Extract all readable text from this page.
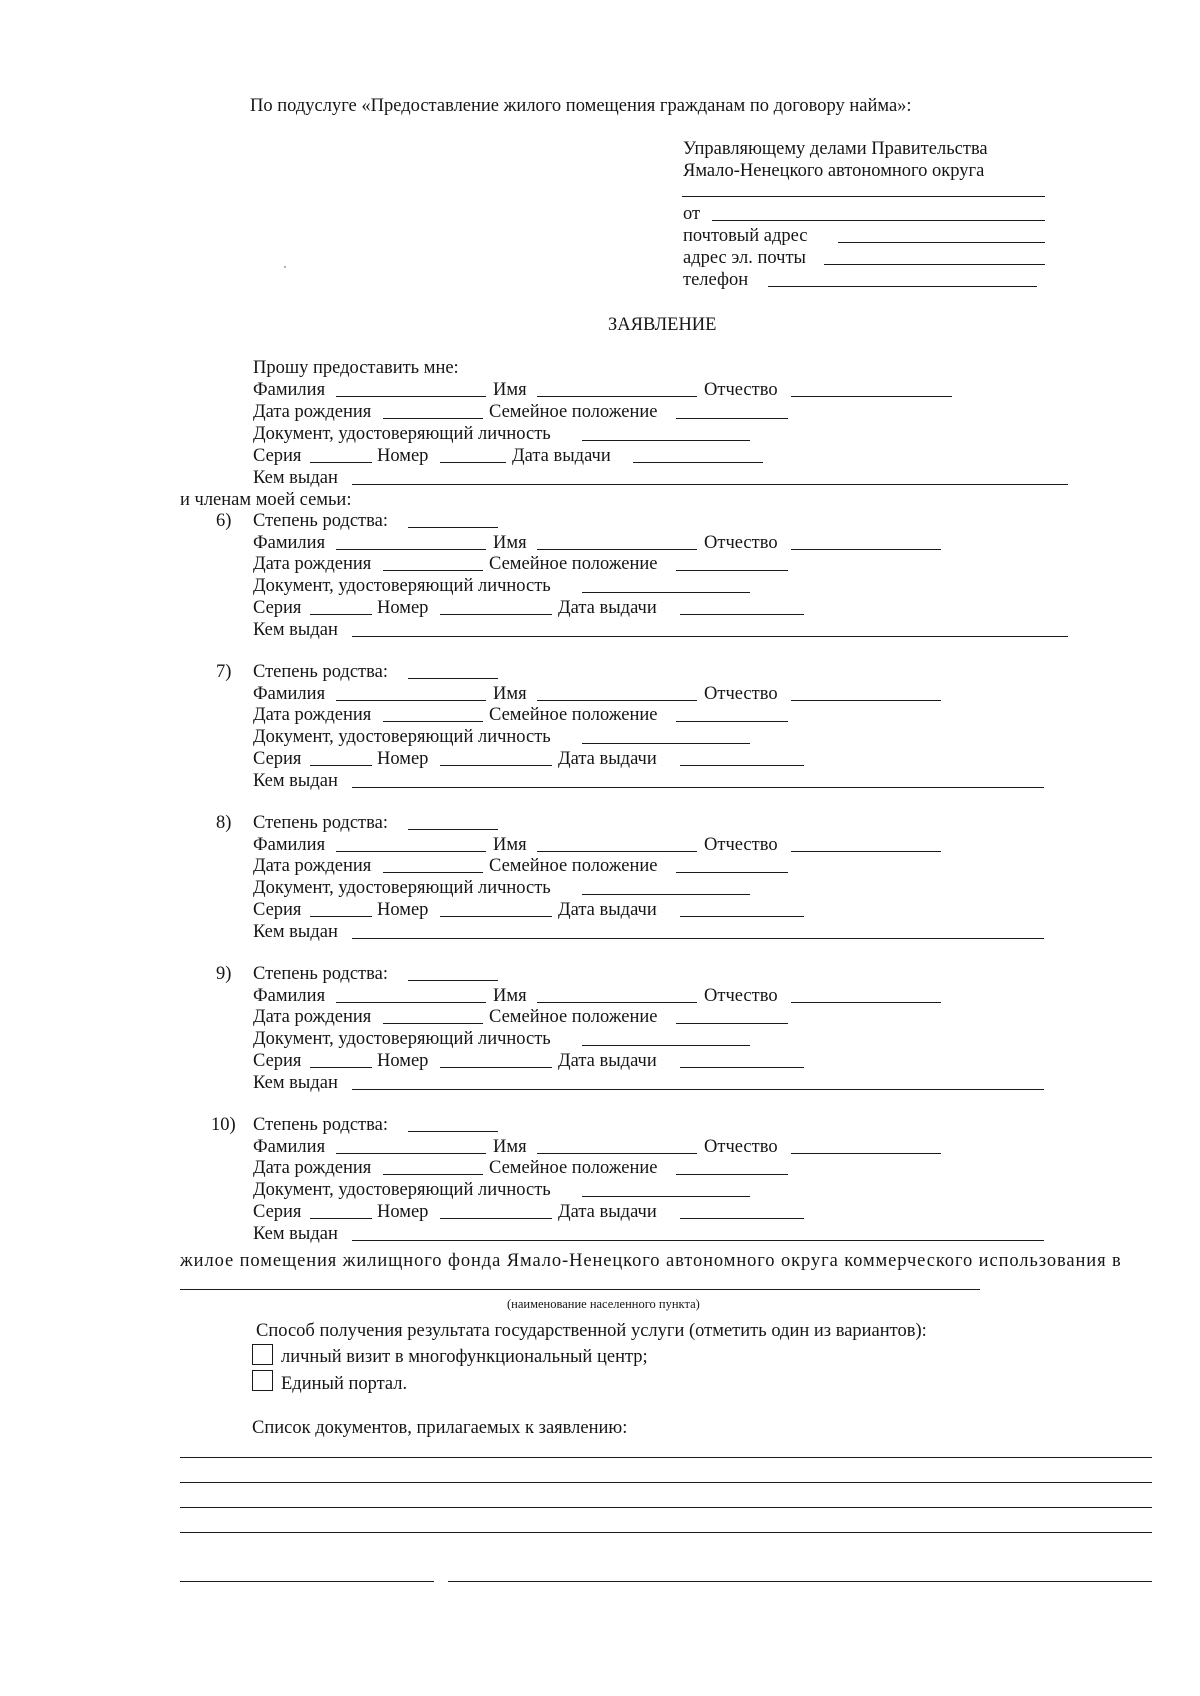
По подуслуге «Предоставление жилого помещения гражданам по договору найма»:
Управляющему делами Правительства
Ямало-Ненецкого автономного округа
от
почтовый адрес
адрес эл. почты
телефон
ЗАЯВЛЕНИЕ
Прошу предоставить мне:
Фамилия	Имя	Отчество
Дата рождения	Семейное положение
Документ, удостоверяющий личность
Серия	Номер	Дата выдачи
Кем выдан
и членам моей семьи:
6) Степень родства:
Фамилия	Имя	Отчество
Дата рождения	Семейное положение
Документ, удостоверяющий личность
Серия	Номер	Дата выдачи
Кем выдан
7) Степень родства:
Фамилия	Имя	Отчество
Дата рождения	Семейное положение
Документ, удостоверяющий личность
Серия	Номер	Дата выдачи
Кем выдан
8) Степень родства:
Фамилия	Имя	Отчество
Дата рождения	Семейное положение
Документ, удостоверяющий личность
Серия	Номер	Дата выдачи
Кем выдан
9) Степень родства:
Фамилия	Имя	Отчество
Дата рождения	Семейное положение
Документ, удостоверяющий личность
Серия	Номер	Дата выдачи
Кем выдан
10) Степень родства:
Фамилия	Имя	Отчество
Дата рождения	Семейное положение
Документ, удостоверяющий личность
Серия	Номер	Дата выдачи
Кем выдан
жилое помещения жилищного фонда Ямало-Ненецкого автономного округа коммерческого использования в
(наименование населенного пункта)
Способ получения результата государственной услуги (отметить один из вариантов):
личный визит в многофункциональный центр;
Единый портал.
Список документов, прилагаемых к заявлению:
